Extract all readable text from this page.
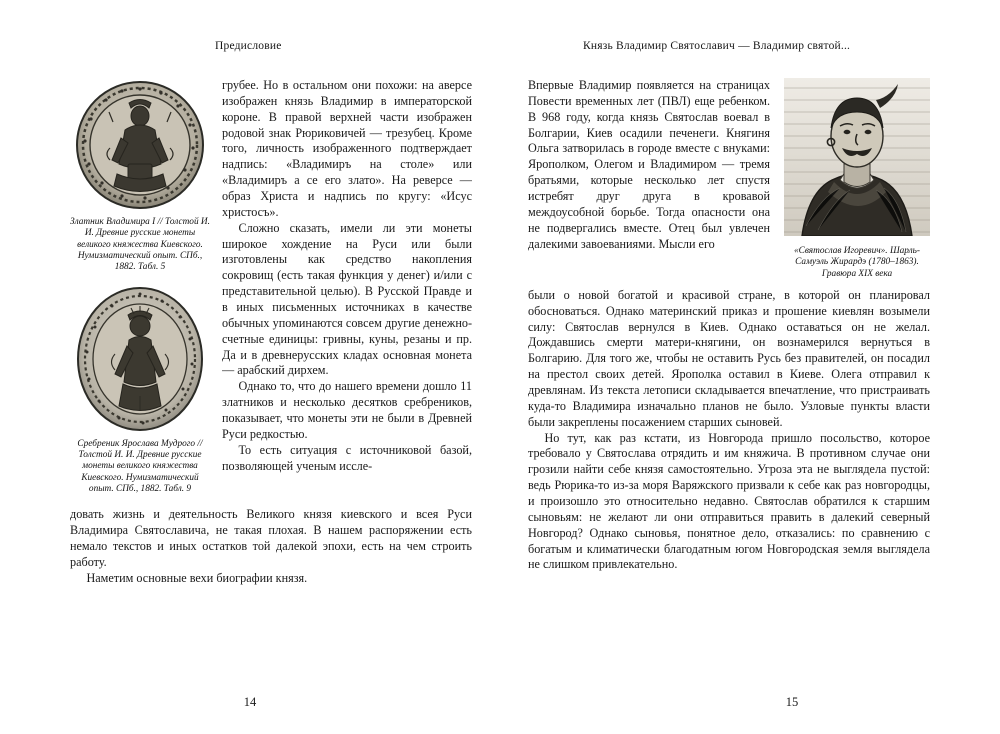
Предисловие
Златник Владимира I // Толстой И. И. Древние русские монеты великого княжества Киевского. Нумизматический опыт. СПб., 1882. Табл. 5
Сребреник Ярослава Мудрого // Толстой И. И. Древние русские монеты великого княжества Киевского. Нумизматический опыт. СПб., 1882. Табл. 9

грубее. Но в остальном они похожи: на аверсе изображен князь Владимир в императорской короне. В правой верхней части изображен родовой знак Рюриковичей — трезубец. Кроме того, личность изображенного подтверждает надпись: «Владимиръ на столе» или «Владимиръ а се его злато». На реверсе — образ Христа и надпись по кругу: «Исус христосъ».

Сложно сказать, имели ли эти монеты широкое хождение на Руси или были изготовлены как средство накопления сокровищ (есть такая функция у денег) и/или с представительной целью). В Русской Правде и в иных письменных источниках в качестве обычных упоминаются совсем другие денежно-счетные единицы: гривны, куны, резаны и пр. Да и в древнерусских кладах основная монета — арабский дирхем.

Однако то, что до нашего времени дошло 11 златников и несколько десятков сребреников, показывает, что монеты эти не были в Древней Руси редкостью.

То есть ситуация с источниковой базой, позволяющей ученым иссле-

довать жизнь и деятельность Великого князя киевского и всея Руси Владимира Святославича, не такая плохая. В нашем распоряжении есть немало текстов и иных остатков той далекой эпохи, есть на чем строить работу.

Наметим основные вехи биографии князя.

14
Князь Владимир Святославич — Владимир святой...
«Святослав Игоревич». Шарль-Самуэль Жирардэ (1780–1863). Гравюра XIX века

Впервые Владимир появляется на страницах Повести временных лет (ПВЛ) еще ребенком. В 968 году, когда князь Святослав воевал в Болгарии, Киев осадили печенеги. Княгиня Ольга затворилась в городе вместе с внуками: Ярополком, Олегом и Владимиром — тремя братьями, которые несколько лет спустя истребят друг друга в кровавой междоусобной борьбе. Тогда опасности она не подвергались вместе. Отец был увлечен далекими завоеваниями. Мысли его

были о новой богатой и красивой стране, в которой он планировал обосноваться. Однако материнский приказ и прошение киевлян возымели силу: Святослав вернулся в Киев. Однако оставаться он не желал. Дождавшись смерти матери-княгини, он вознамерился вернуться в Болгарию. Для того же, чтобы не оставить Русь без правителей, он посадил на престол своих детей. Ярополка оставил в Киеве. Олега отправил к древлянам. Из текста летописи складывается впечатление, что пристраивать куда-то Владимира изначально планов не было. Узловые пункты власти были закреплены посажением старших сыновей.

Но тут, как раз кстати, из Новгорода пришло посольство, которое требовало у Святослава отрядить и им княжича. В противном случае они грозили найти себе князя самостоятельно. Угроза эта не выглядела пустой: ведь Рюрика-то из-за моря Варяжского призвали к себе как раз новгородцы, и произошло это относительно недавно. Святослав обратился к старшим сыновьям: не желают ли они отправиться править в далекий северный Новгород? Однако сыновья, понятное дело, отказались: по сравнению с богатым и климатически благодатным югом Новгородская земля выглядела не слишком привлекательно.

15
